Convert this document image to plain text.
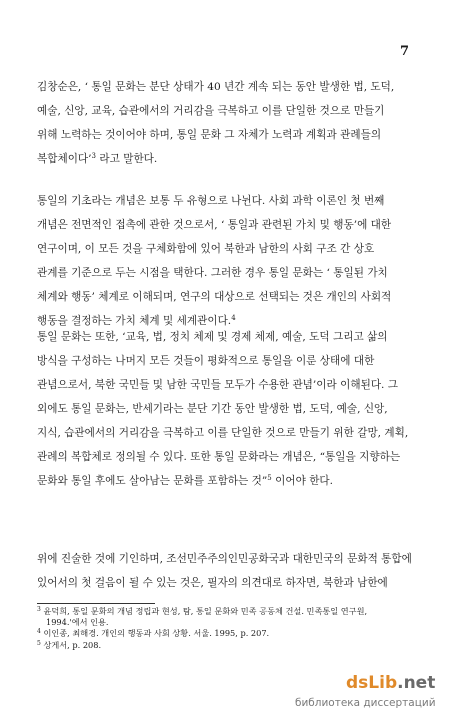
7
김창순은, ‘ 통일 문화는 분단 상태가 40 년간 계속 되는 동안 발생한 법, 도덕,
예술, 신앙, 교육, 습관에서의 거리감을 극복하고 이를 단일한 것으로 만들기
위해 노력하는 것이어야 하며, 통일 문화 그 자체가 노력과 계획과 관례들의
복합체이다’$^3$ 라고 말한다.
통일의 기초라는 개념은 보통 두 유형으로 나뉜다. 사회 과학 이론인 첫 번째
개념은 전면적인 접촉에 관한 것으로서, ‘ 통일과 관련된 가치 및 행동’에 대한
연구이며, 이 모든 것을 구체화함에 있어 북한과 남한의 사회 구조 간 상호
관계를 기준으로 두는 시점을 택한다. 그러한 경우 통일 문화는 ‘ 통일된 가치
체계와 행동’ 체계로 이해되며, 연구의 대상으로 선택되는 것은 개인의 사회적
행동을 결정하는 가치 체계 및 세계관이다.$^4$
통일 문화는 또한, ‘교육, 법, 정치 체제 및 경제 체제, 예술, 도덕 그리고 삶의
방식을 구성하는 나머지 모든 것들이 평화적으로 통일을 이룬 상태에 대한
관념으로서, 북한 국민들 및 남한 국민들 모두가 수용한 관념’이라 이해된다. 그
외에도 통일 문화는, 반세기라는 분단 기간 동안 발생한 법, 도덕, 예술, 신앙,
지식, 습관에서의 거리감을 극복하고 이를 단일한 것으로 만들기 위한 갈망, 계획,
관례의 복합체로 정의될 수 있다. 또한 통일 문화라는 개념은, “통일을 지향하는
문화와 통일 후에도 살아남는 문화를 포함하는 것”$^5$ 이어야 한다.
위에 진술한 것에 기인하며, 조선민주주의인민공화국과 대한민국의 문화적 통합에
있어서의 첫 걸음이 될 수 있는 것은, 필자의 의견대로 하자면, 북한과 남한에
$^3$ 윤덕희, 통일 문화의 개념 정립과 현성, 탐, 통일 문화와 민족 공동체 건설. 민족통일 연구원,
1994.'에서 인용.
$^4$ 이인종, 최해경. 개인의 행동과 사회 상황. 서울. 1995, p. 207.
$^5$ 상게서, p. 208.
dsLib.net
библиотека диссертаций
